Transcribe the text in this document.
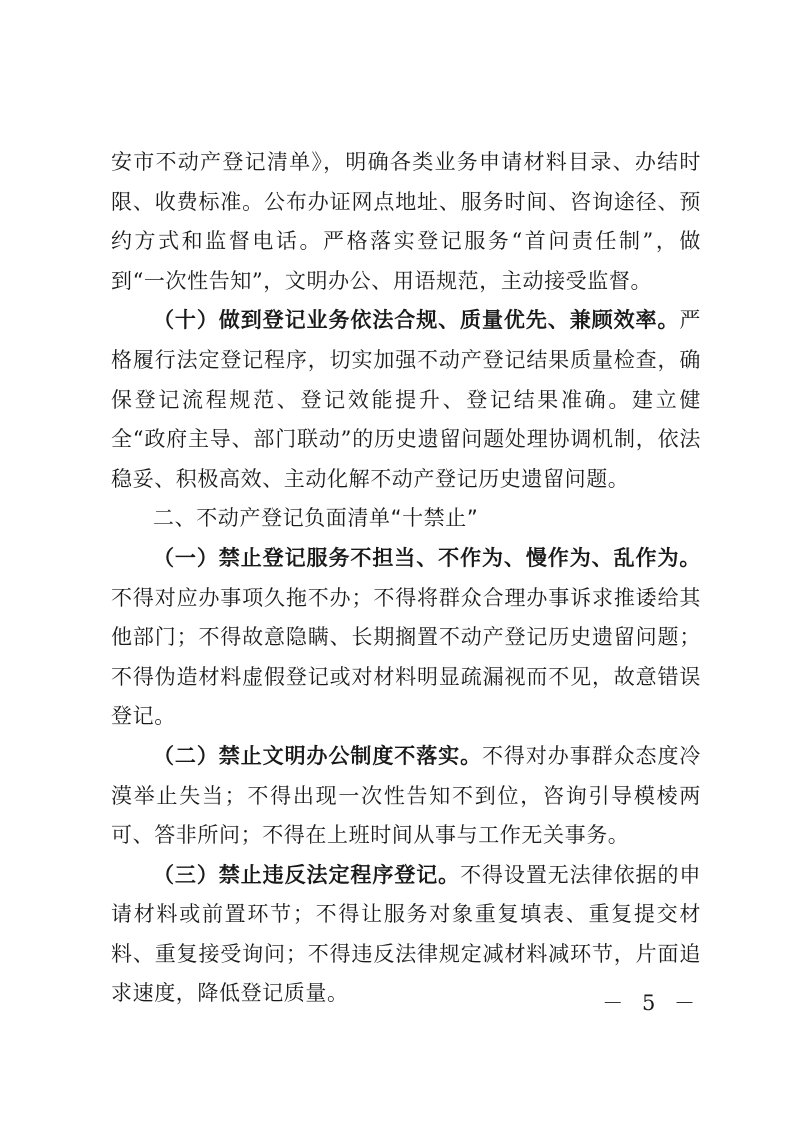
安市不动产登记清单》，明确各类业务申请材料目录、办结时限、收费标准。公布办证网点地址、服务时间、咨询途径、预约方式和监督电话。严格落实登记服务“首问责任制”，做到“一次性告知”，文明办公、用语规范，主动接受监督。

（十）做到登记业务依法合规、质量优先、兼顾效率。严格履行法定登记程序，切实加强不动产登记结果质量检查，确保登记流程规范、登记效能提升、登记结果准确。建立健全“政府主导、部门联动”的历史遗留问题处理协调机制，依法稳妥、积极高效、主动化解不动产登记历史遗留问题。

二、不动产登记负面清单“十禁止”

（一）禁止登记服务不担当、不作为、慢作为、乱作为。不得对应办事项久拖不办；不得将群众合理办事诉求推诿给其他部门；不得故意隐瞒、长期搁置不动产登记历史遗留问题；不得伪造材料虚假登记或对材料明显疏漏视而不见，故意错误登记。

（二）禁止文明办公制度不落实。不得对办事群众态度冷漠举止失当；不得出现一次性告知不到位，咨询引导模棱两可、答非所问；不得在上班时间从事与工作无关事务。

（三）禁止违反法定程序登记。不得设置无法律依据的申请材料或前置环节；不得让服务对象重复填表、重复提交材料、重复接受询问；不得违反法律规定减材料减环节，片面追求速度，降低登记质量。	－ 5 －
